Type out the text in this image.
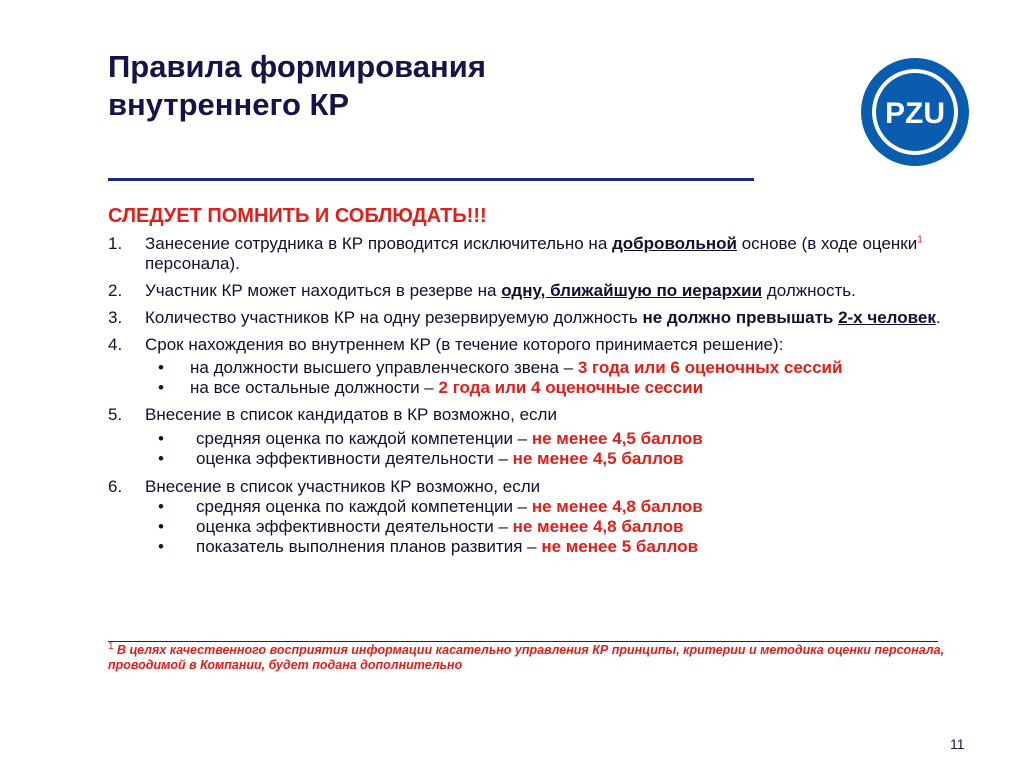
Правила формирования
внутреннего КР	PZU
СЛЕДУЕТ ПОМНИТЬ И СОБЛЮДАТЬ!!!
1.	Занесение сотрудника в КР проводится исключительно на добровольной основе (в ходе оценки$^1$ персонала).
2.	Участник КР может находиться в резерве на одну, ближайшую по иерархии должность.
3.	Количество участников КР на одну резервируемую должность не должно превышать 2-х человек.
4.	Срок нахождения во внутреннем КР (в течение которого принимается решение):
• на должности высшего управленческого звена – 3 года или 6 оценочных сессий
• на все остальные должности – 2 года или 4 оценочные сессии
5.	Внесение в список кандидатов в КР возможно, если
• средняя оценка по каждой компетенции – не менее 4,5 баллов
• оценка эффективности деятельности – не менее 4,5 баллов
6.	Внесение в список участников КР возможно, если
• средняя оценка по каждой компетенции – не менее 4,8 баллов
• оценка эффективности деятельности – не менее 4,8 баллов
• показатель выполнения планов развития – не менее 5 баллов
$^1$ В целях качественного восприятия информации касательно управления КР принципы, критерии и методика оценки персонала, проводимой в Компании, будет подана дополнительно
11
